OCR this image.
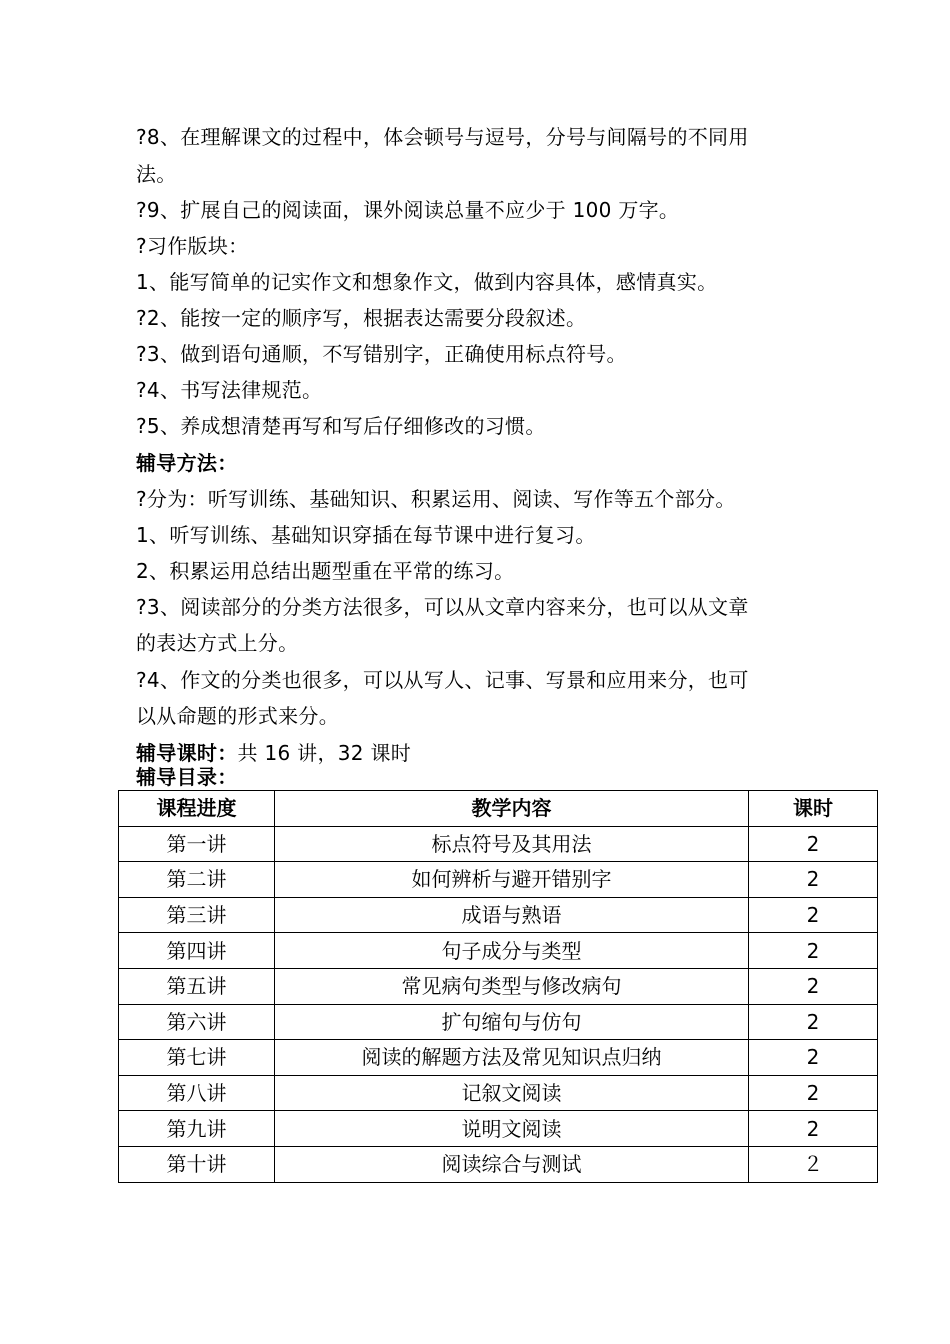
?8、在理解课文的过程中，体会顿号与逗号，分号与间隔号的不同用
法。
?9、扩展自己的阅读面，课外阅读总量不应少于 100 万字。
?习作版块：
1、能写简单的记实作文和想象作文，做到内容具体，感情真实。
?2、能按一定的顺序写，根据表达需要分段叙述。
?3、做到语句通顺，不写错别字，正确使用标点符号。
?4、书写法律规范。
?5、养成想清楚再写和写后仔细修改的习惯。
辅导方法：
?分为：听写训练、基础知识、积累运用、阅读、写作等五个部分。
1、听写训练、基础知识穿插在每节课中进行复习。
2、积累运用总结出题型重在平常的练习。
?3、阅读部分的分类方法很多，可以从文章内容来分，也可以从文章
的表达方式上分。
?4、作文的分类也很多，可以从写人、记事、写景和应用来分，也可
以从命题的形式来分。
辅导课时：共 16 讲，32 课时
辅导目录：
课程进度	教学内容	课时
第一讲	标点符号及其用法	2
第二讲	如何辨析与避开错别字	2
第三讲	成语与熟语	2
第四讲	句子成分与类型	2
第五讲	常见病句类型与修改病句	2
第六讲	扩句缩句与仿句	2
第七讲	阅读的解题方法及常见知识点归纳	2
第八讲	记叙文阅读	2
第九讲	说明文阅读	2
第十讲	阅读综合与测试	２
